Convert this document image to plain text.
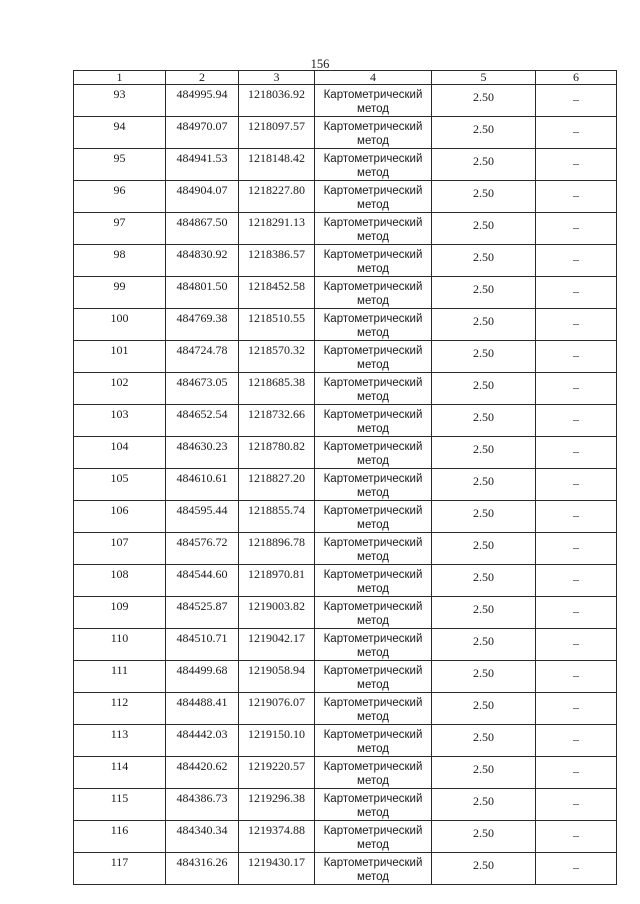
156
1	2	3	4	5	6

93	484995.94	1218036.92	Картометрический метод	2.50	–

94	484970.07	1218097.57	Картометрический метод	2.50	–

95	484941.53	1218148.42	Картометрический метод	2.50	–

96	484904.07	1218227.80	Картометрический метод	2.50	–

97	484867.50	1218291.13	Картометрический метод	2.50	–

98	484830.92	1218386.57	Картометрический метод	2.50	–

99	484801.50	1218452.58	Картометрический метод	2.50	–

100	484769.38	1218510.55	Картометрический метод	2.50	–

101	484724.78	1218570.32	Картометрический метод	2.50	–

102	484673.05	1218685.38	Картометрический метод	2.50	–

103	484652.54	1218732.66	Картометрический метод	2.50	–

104	484630.23	1218780.82	Картометрический метод	2.50	–

105	484610.61	1218827.20	Картометрический метод	2.50	–

106	484595.44	1218855.74	Картометрический метод	2.50	–

107	484576.72	1218896.78	Картометрический метод	2.50	–

108	484544.60	1218970.81	Картометрический метод	2.50	–

109	484525.87	1219003.82	Картометрический метод	2.50	–

110	484510.71	1219042.17	Картометрический метод	2.50	–

111	484499.68	1219058.94	Картометрический метод	2.50	–

112	484488.41	1219076.07	Картометрический метод	2.50	–

113	484442.03	1219150.10	Картометрический метод	2.50	–

114	484420.62	1219220.57	Картометрический метод	2.50	–

115	484386.73	1219296.38	Картометрический метод	2.50	–

116	484340.34	1219374.88	Картометрический метод	2.50	–

117	484316.26	1219430.17	Картометрический метод	2.50	–
